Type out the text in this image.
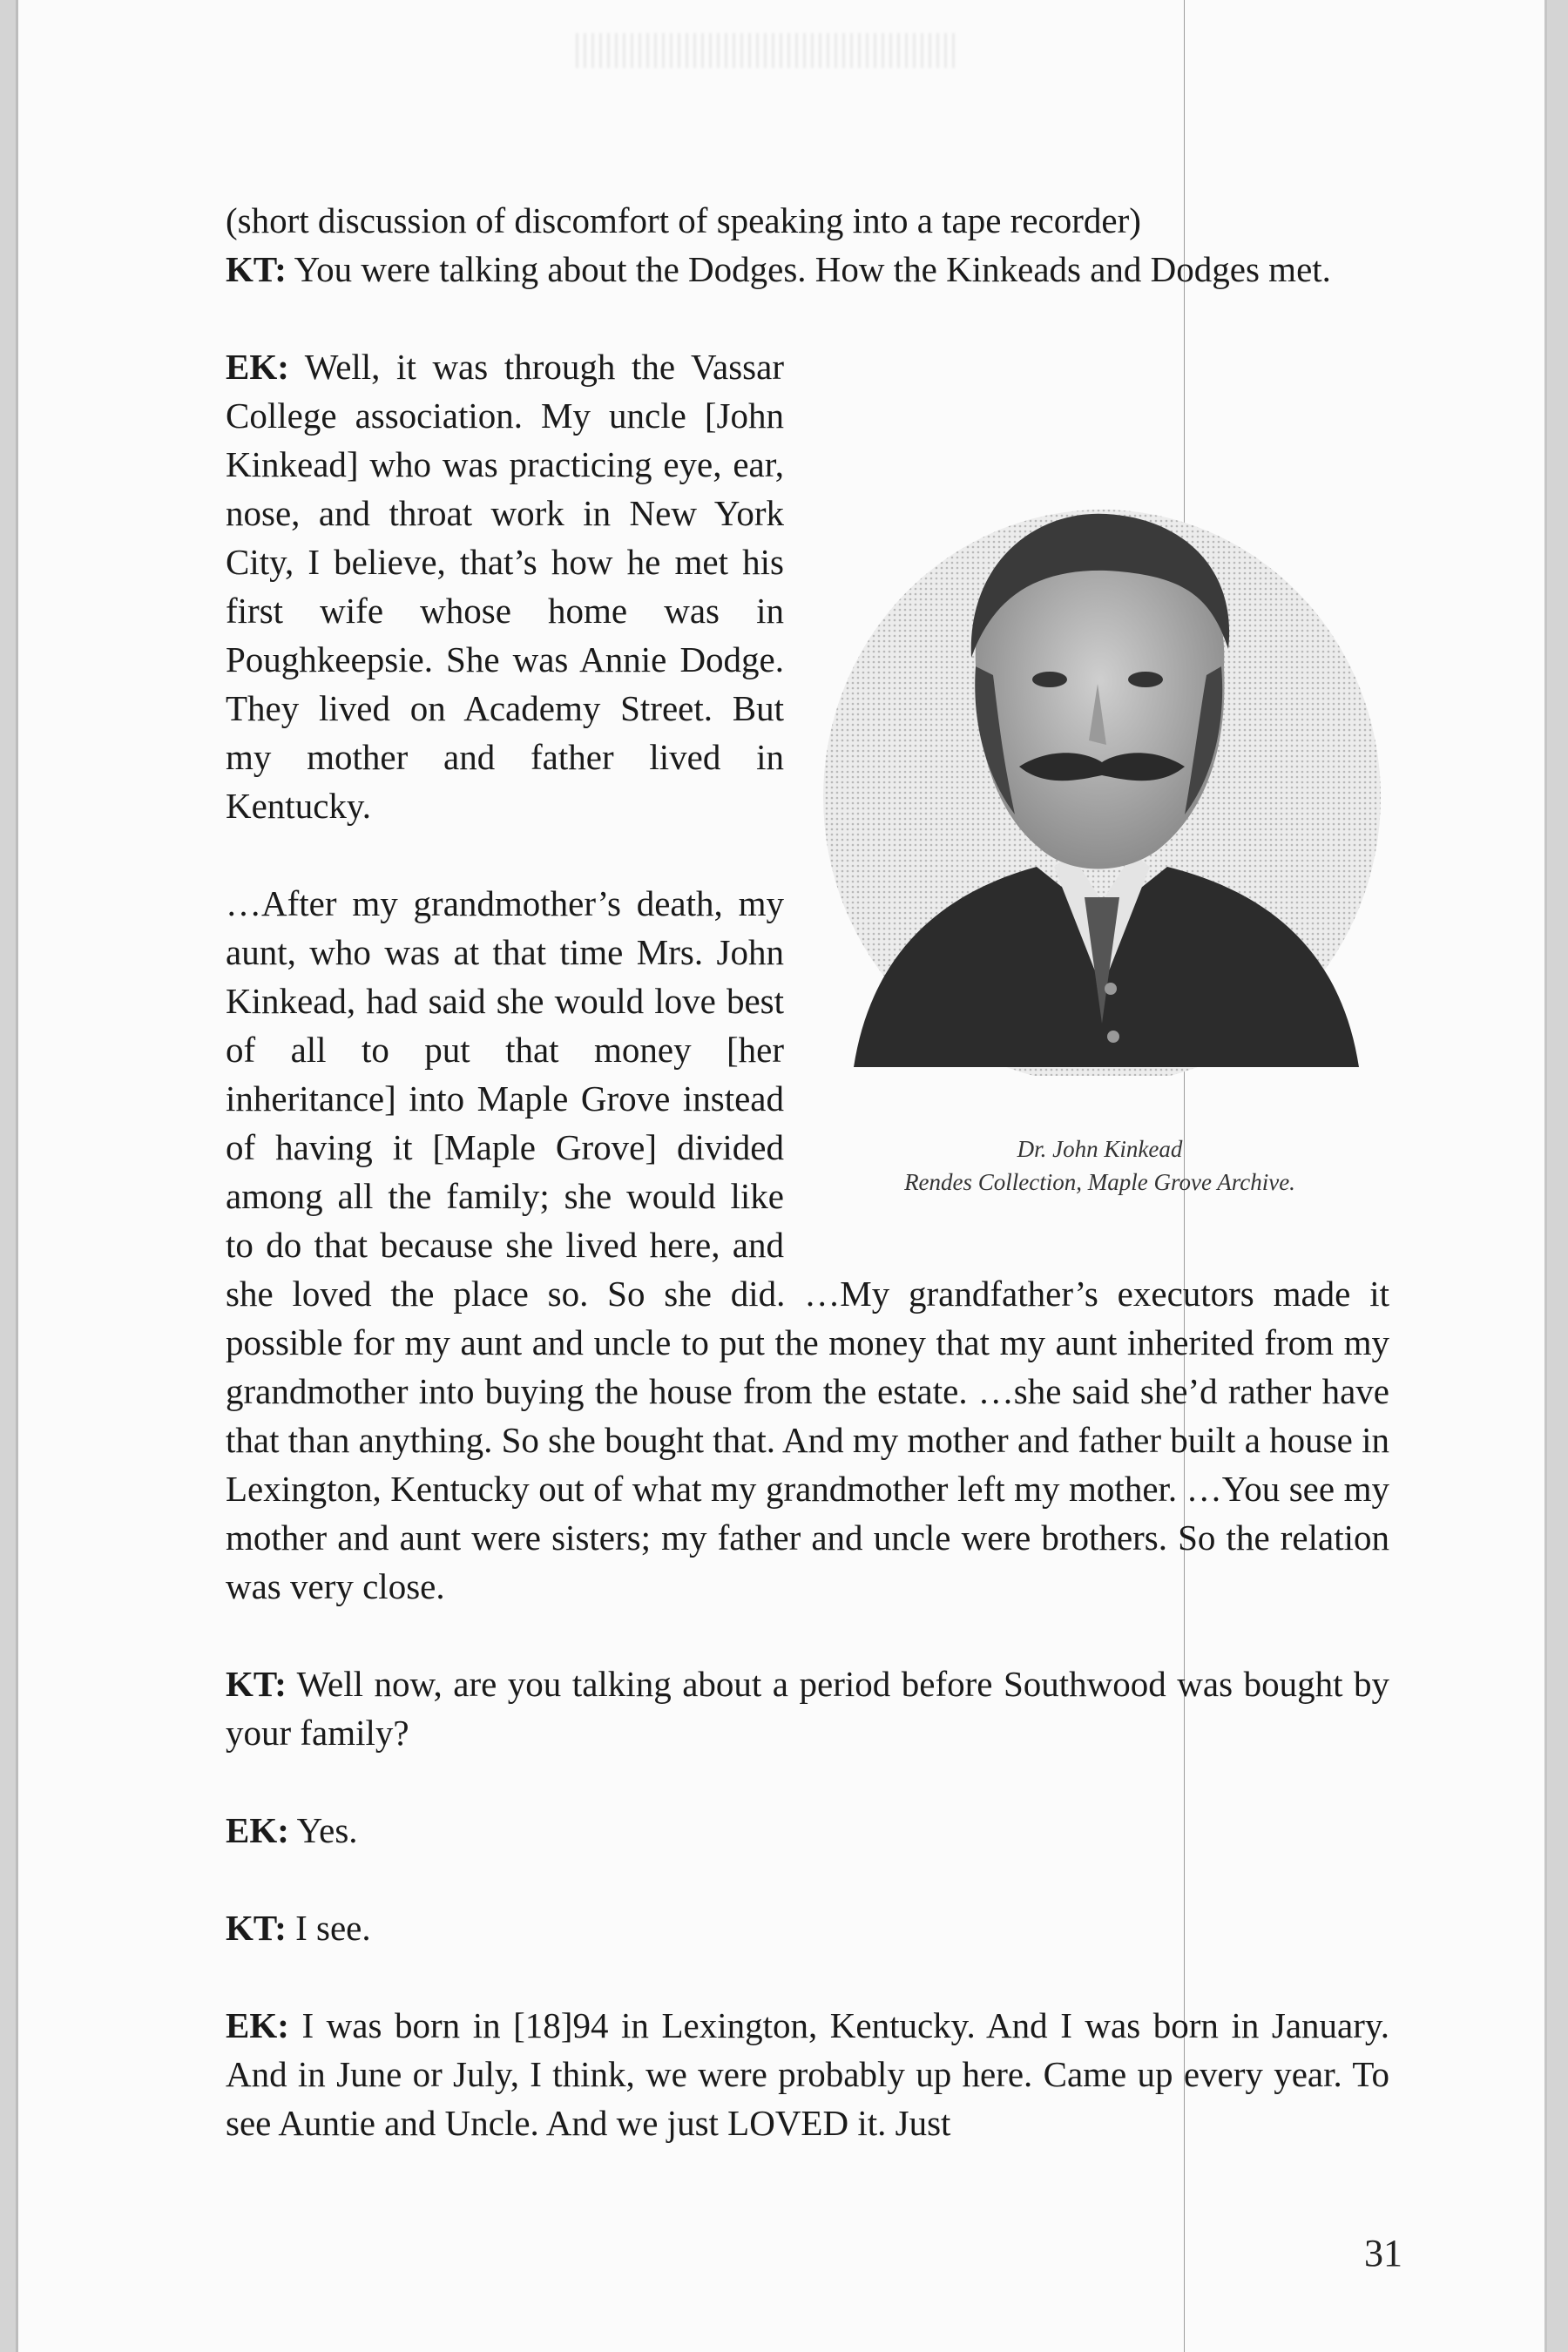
(short discussion of discomfort of speaking into a tape recorder)

KT: You were talking about the Dodges. How the Kinkeads and Dodges met.

Dr. John Kinkead
Rendes Collection, Maple Grove Archive.

EK: Well, it was through the Vassar College association. My uncle [John Kinkead] who was practicing eye, ear, nose, and throat work in New York City, I believe, that’s how he met his first wife whose home was in Poughkeepsie. She was Annie Dodge. They lived on Academy Street. But my mother and father lived in Kentucky.

…After my grandmother’s death, my aunt, who was at that time Mrs. John Kinkead, had said she would love best of all to put that money [her inheritance] into Maple Grove instead of having it [Maple Grove] divided among all the family; she would like to do that because she lived here, and she loved the place so. So she did. …My grandfather’s executors made it possible for my aunt and uncle to put the money that my aunt inherited from my grandmother into buying the house from the estate. …she said she’d rather have that than anything. So she bought that. And my mother and father built a house in Lexington, Kentucky out of what my grandmother left my mother. …You see my mother and aunt were sisters; my father and uncle were brothers. So the relation was very close.

KT: Well now, are you talking about a period before Southwood was bought by your family?

EK: Yes.

KT: I see.

EK: I was born in [18]94 in Lexington, Kentucky. And I was born in January. And in June or July, I think, we were probably up here. Came up every year. To see Auntie and Uncle. And we just LOVED it. Just

31
